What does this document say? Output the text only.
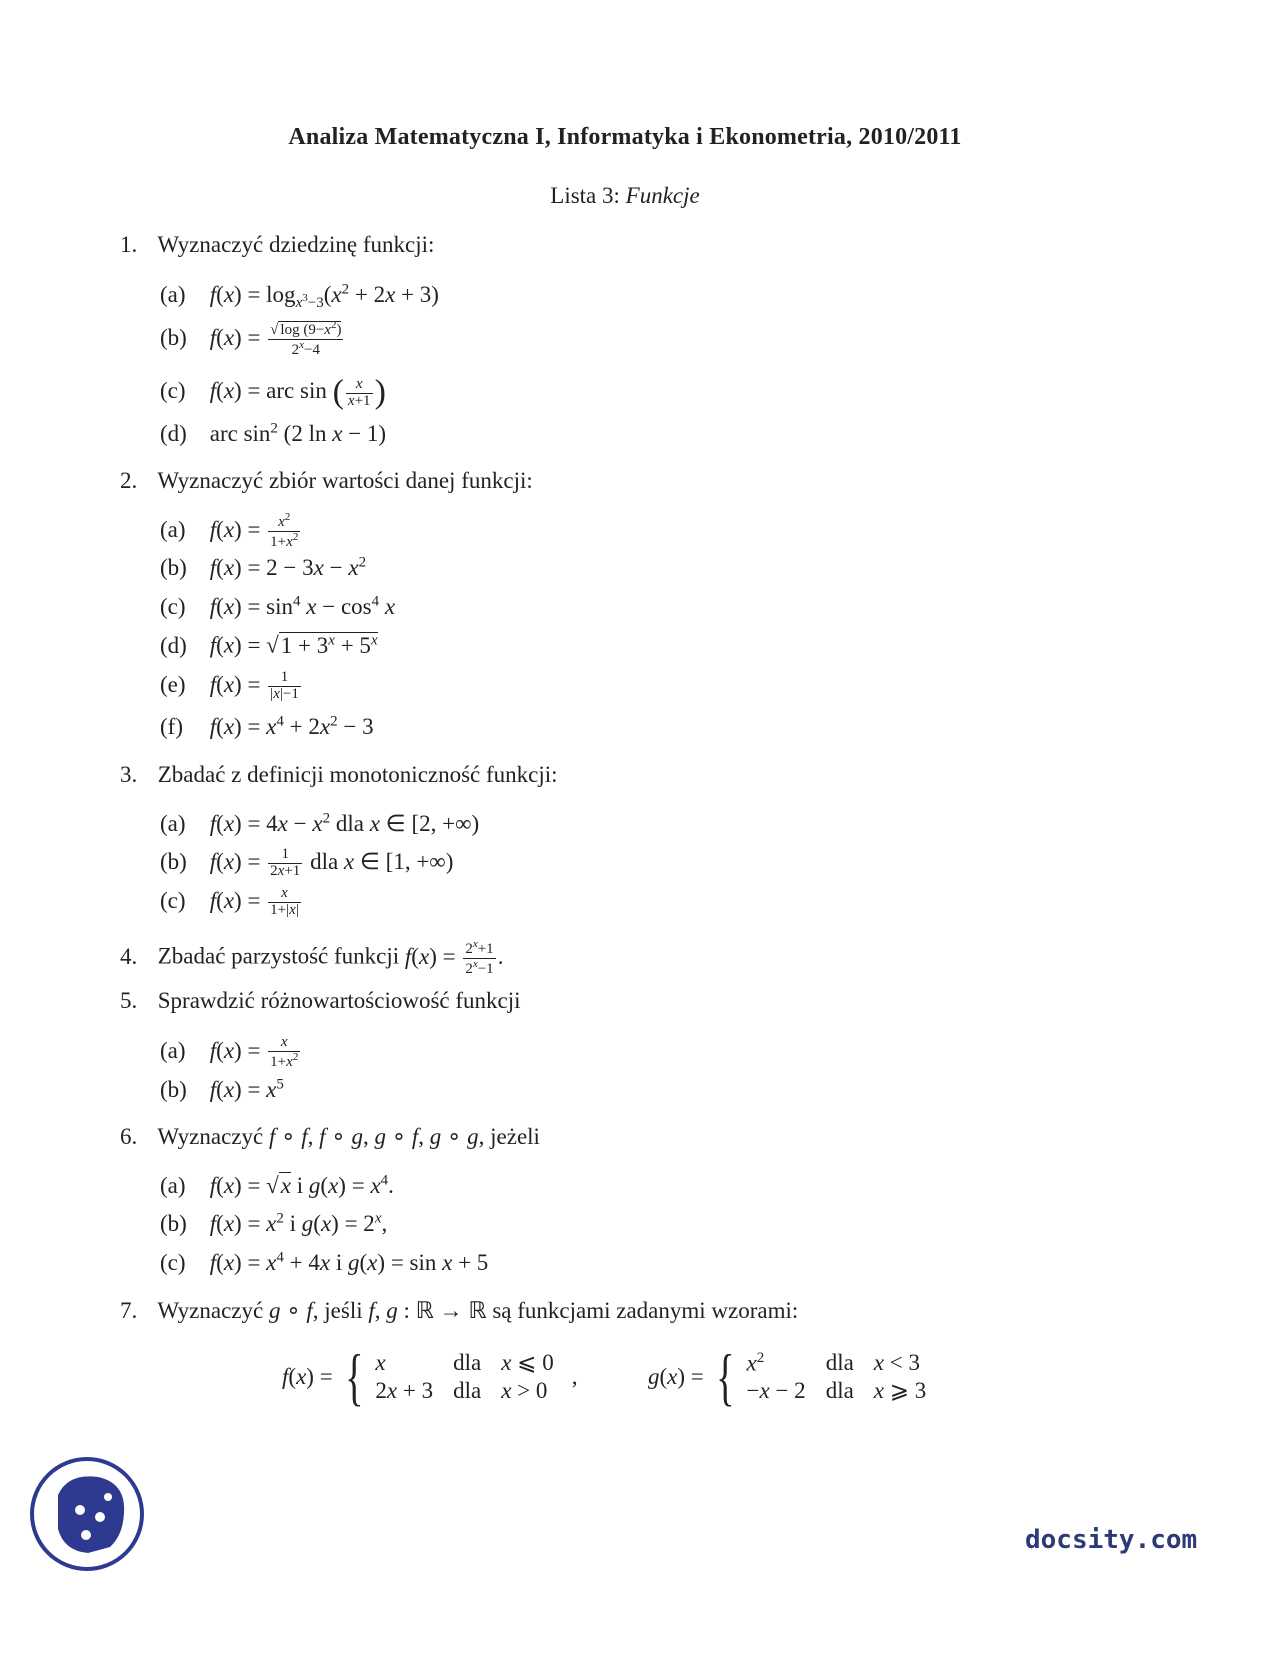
Analiza Matematyczna I, Informatyka i Ekonometria, 2010/2011
Lista 3: Funkcje
1. Wyznaczyć dziedzinę funkcji:
(a) $f(x) = \log_{x^3-3}(x^2 + 2x + 3)$
(b) $f(x) = \frac{√ \log (9-x^2)}{2^x-4}$
(c) f(x) = arc sin ( $\frac{x}{x+1}$ )
(d) arc $\sin^2 (2$ ln x − 1)
2. Wyznaczyć zbiór wartości danej funkcji:
(a) $f(x) = \frac{x^2}{1+x^2}$
(b) $f(x) = 2 - 3x - x^2$
(c) $f(x) = \sin^4 x - \cos^4 x$
(d) $f(x) = √1 + 3^x + 5^x$
(e) $f(x) = \frac{1}{|x|-1}$
(f) $f(x) = x^4 + 2x^2 - 3$
3. Zbadać z definicji monotoniczność funkcji:
(a) $f(x) = 4x - x^2$ dla x ∈ [2, +∞)
(b) $f(x) = \frac{1}{2x+1}$ dla x ∈ [1, +∞)
(c) $f(x) = \frac{x}{1+|x|}$
4. Zbadać parzystość funkcji $f(x) = \frac{2^x+1}{2^x-1}$ .
5. Sprawdzić różnowartościowość funkcji
(a) $f(x) = \frac{x}{1+x^2}$
(b) $f(x) = x^5$
6. Wyznaczyć f ∘ f, f ∘ g, g ∘ f, g ∘ g, jeżeli
(a) f(x) = √x i $g(x) = x^4$.
(b) $f(x) = x^2$ i $g(x) = 2^x$,
(c) $f(x) = x^4 + 4x$ i g(x) = sin x + 5
7. Wyznaczyć g ∘ f, jeśli f, g : ℝ → ℝ są funkcjami zadanymi wzorami:
f(x) = { x	dla x ⩽ 0
2x + 3 dla x > 0
,	g(x) = { $x^2$	dla x < 3
−x − 2 dla x ⩾ 3
docsity.com
